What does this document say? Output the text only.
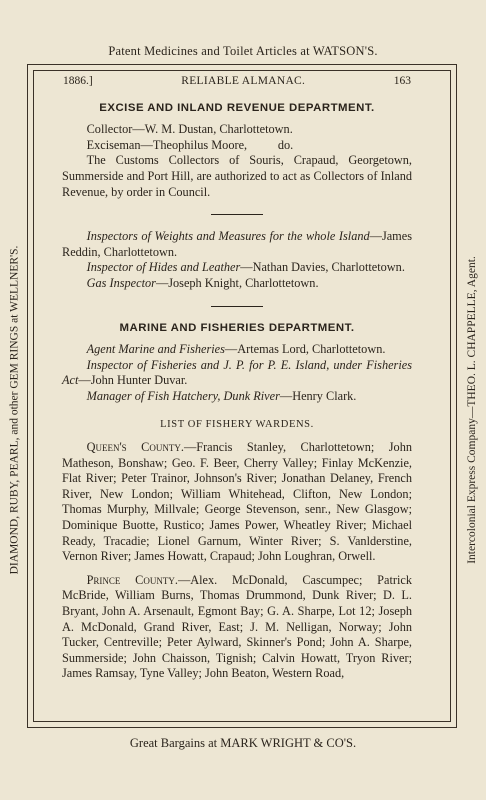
Patent Medicines and Toilet Articles at WATSON'S.
DIAMOND, RUBY, PEARL, and other GEM RINGS at WELLNER'S.	Intercolonial Express Company—THEO. L. CHAPPELLE, Agent.
1886.]	RELIABLE ALMANAC.	163
EXCISE AND INLAND REVENUE DEPARTMENT.

Collector—W. M. Dustan, Charlottetown.

Exciseman—Theophilus Moore,          do.

The Customs Collectors of Souris, Crapaud, Georgetown, Summerside and Port Hill, are authorized to act as Collectors of Inland Revenue, by order in Council.

Inspectors of Weights and Measures for the whole Island—James Reddin, Charlottetown.

Inspector of Hides and Leather—Nathan Davies, Charlottetown.

Gas Inspector—Joseph Knight, Charlottetown.

MARINE AND FISHERIES DEPARTMENT.

Agent Marine and Fisheries—Artemas Lord, Charlottetown.

Inspector of Fisheries and J. P. for P. E. Island, under Fisheries Act—John Hunter Duvar.

Manager of Fish Hatchery, Dunk River—Henry Clark.

LIST OF FISHERY WARDENS.

Queen's County.—Francis Stanley, Charlottetown; John Matheson, Bonshaw; Geo. F. Beer, Cherry Valley; Finlay McKenzie, Flat River; Peter Trainor, Johnson's River; Jonathan Delaney, French River, New London; William Whitehead, Clifton, New London; Thomas Murphy, Millvale; George Stevenson, senr., New Glasgow; Dominique Buotte, Rustico; James Power, Wheatley River; Michael Ready, Tracadie; Lionel Garnum, Winter River; S. Vanlderstine, Vernon River; James Howatt, Crapaud; John Loughran, Orwell.

Prince County.—Alex. McDonald, Cascumpec; Patrick McBride, William Burns, Thomas Drummond, Dunk River; D. L. Bryant, John A. Arsenault, Egmont Bay; G. A. Sharpe, Lot 12; Joseph A. McDonald, Grand River, East; J. M. Nelligan, Norway; John Tucker, Centreville; Peter Aylward, Skinner's Pond; John A. Sharpe, Summerside; John Chaisson, Tignish; Calvin Howatt, Tryon River; James Ramsay, Tyne Valley; John Beaton, Western Road,

Great Bargains at MARK WRIGHT & CO'S.
